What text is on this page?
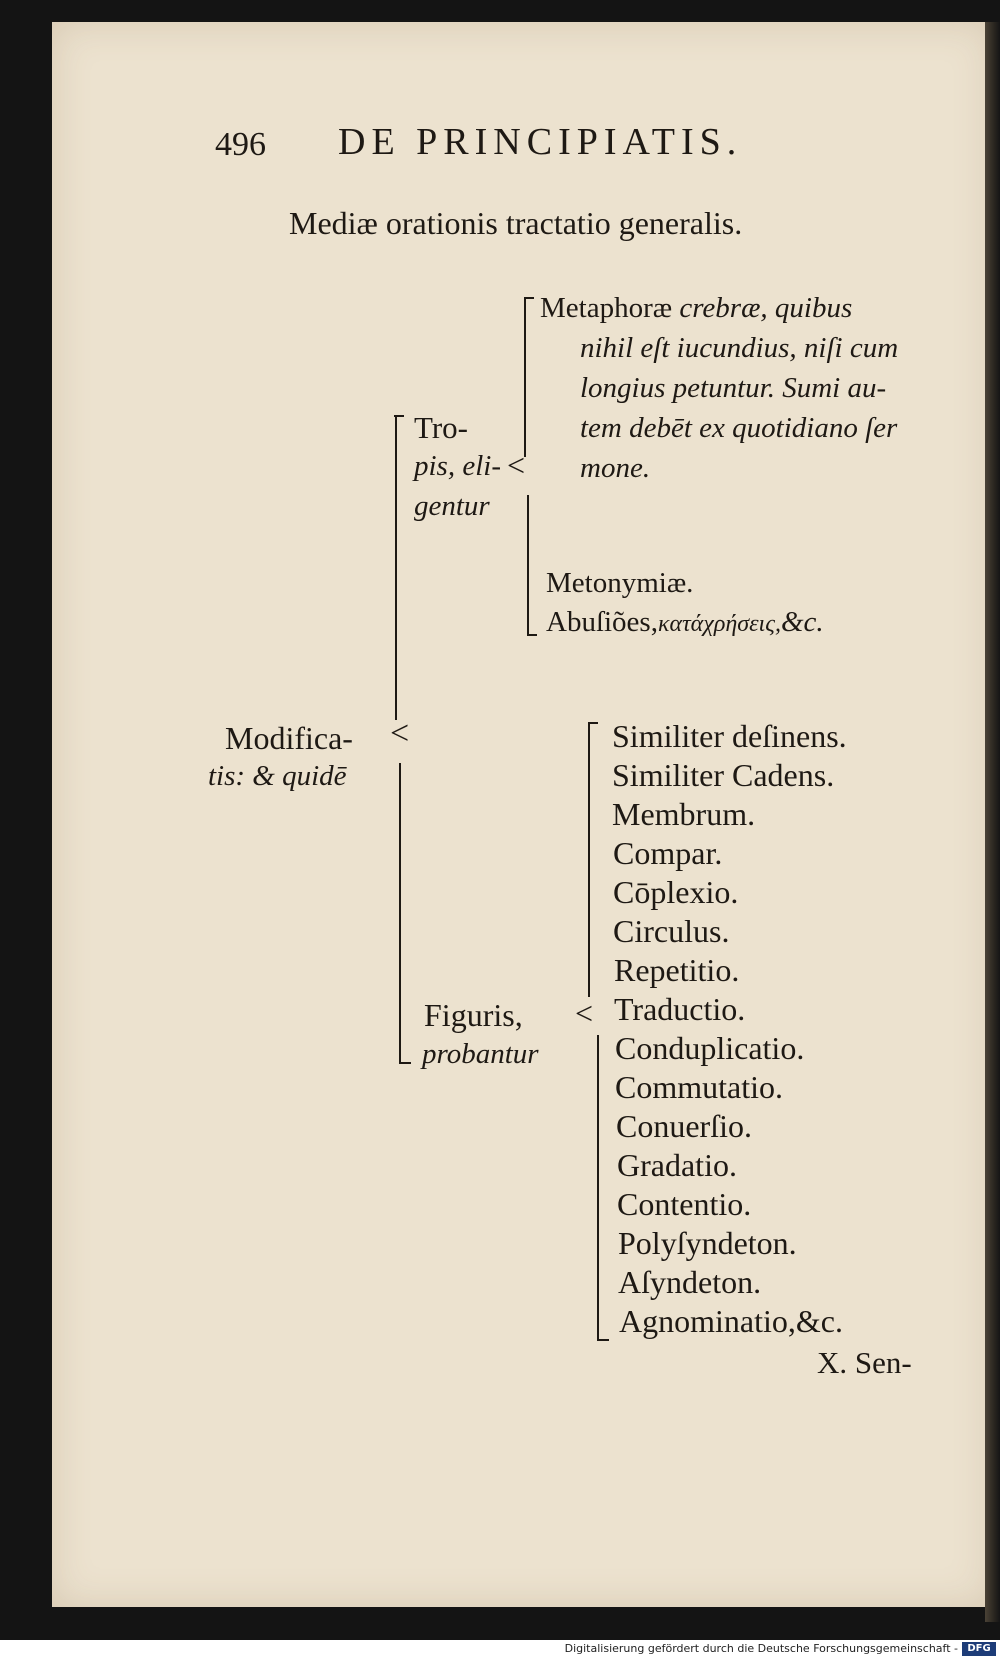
496 DE PRINCIPIATIS.
Mediæ orationis tractatio generalis.
Modifica-
tis: & quidē
<
Tro-
pis, eli-
gentur
<
Metaphoræ crebræ, quibus
nihil eſt iucundius, niſi cum
longius petuntur. Sumi au-
tem debēt ex quotidiano ſer
mone.
Metonymiæ.
Abuſiões,κατάχρήσεις,&c.
Figuris,
probantur
<
Similiter deſinens.
Similiter Cadens.
Membrum.
Compar.
Cōplexio.
Circulus.
Repetitio.
Traductio.
Conduplicatio.
Commutatio.
Conuerſio.
Gradatio.
Contentio.
Polyſyndeton.
Aſyndeton.
Agnominatio,&c.
X. Sen-
Digitalisierung gefördert durch die Deutsche Forschungsgemeinschaft - DFG
